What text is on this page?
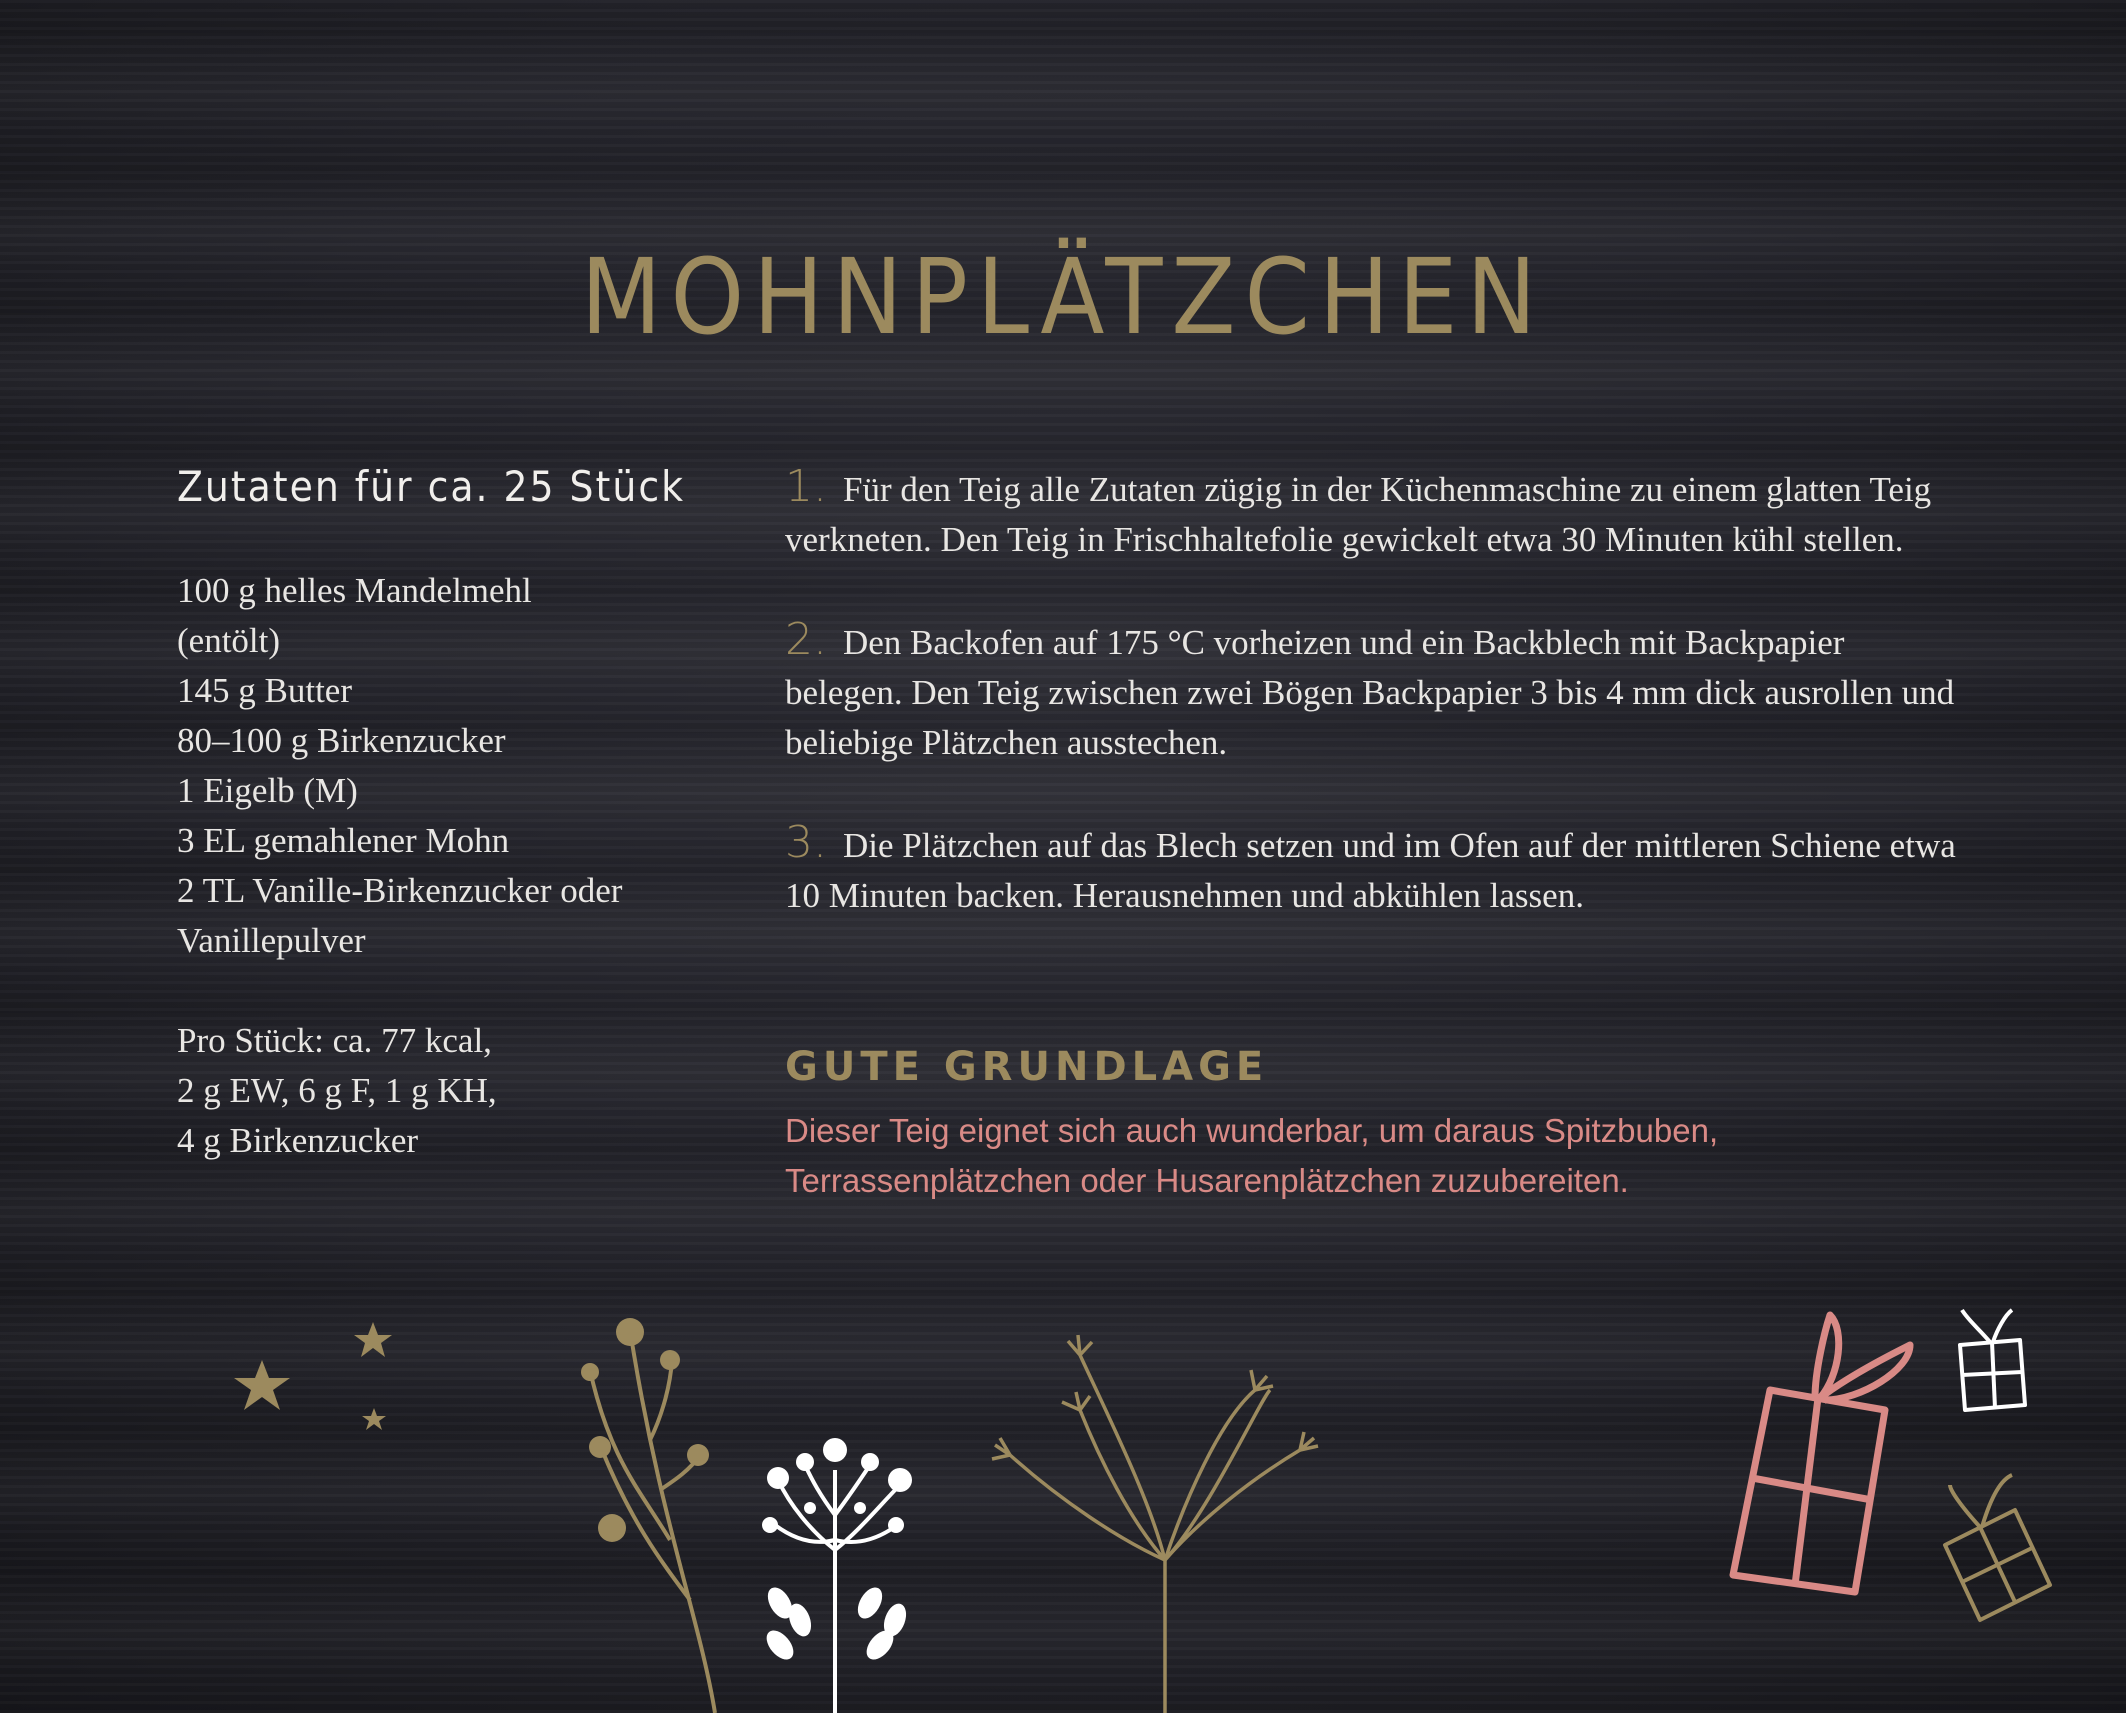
MOHNPLÄTZCHEN
Zutaten für ca. 25 Stück
100 g helles Mandelmehl
(entölt)
145 g Butter
80–100 g Birkenzucker
1 Eigelb (M)
3 EL gemahlener Mohn
2 TL Vanille-Birkenzucker oder
Vanillepulver
Pro Stück: ca. 77 kcal,
2 g EW, 6 g F, 1 g KH,
4 g Birkenzucker

1. Für den Teig alle Zutaten zügig in der Küchenmaschine zu einem glatten Teig verkneten. Den Teig in Frischhaltefolie gewickelt etwa 30 Minuten kühl stellen.

2. Den Backofen auf 175 °C vorheizen und ein Backblech mit Backpapier belegen. Den Teig zwischen zwei Bögen Backpapier 3 bis 4 mm dick ausrollen und beliebige Plätzchen ausstechen.

3. Die Plätzchen auf das Blech setzen und im Ofen auf der mittleren Schiene etwa 10 Minuten backen. Herausnehmen und abkühlen lassen.

GUTE GRUNDLAGE

Dieser Teig eignet sich auch wunderbar, um daraus Spitzbuben, Terrassenplätzchen oder Husarenplätzchen zuzubereiten.
